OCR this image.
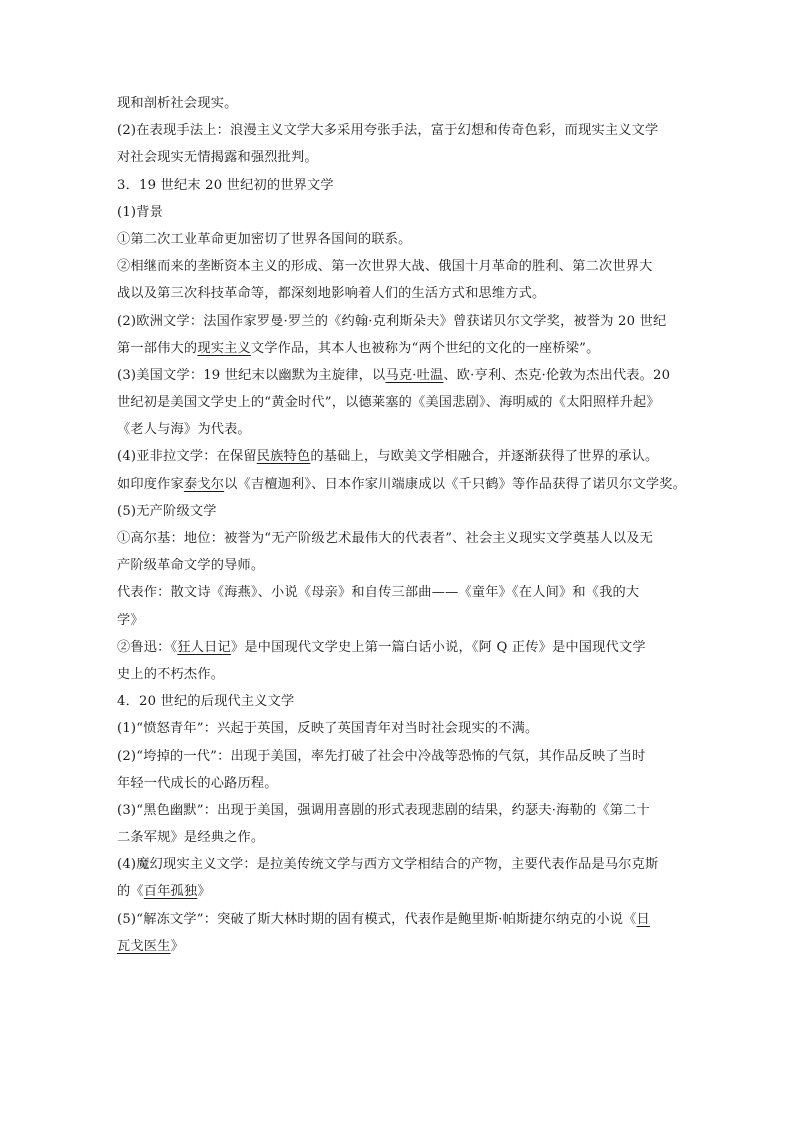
现和剖析社会现实。
(2)在表现手法上：浪漫主义文学大多采用夸张手法，富于幻想和传奇色彩，而现实主义文学
对社会现实无情揭露和强烈批判。
3．19 世纪末 20 世纪初的世界文学
(1)背景
①第二次工业革命更加密切了世界各国间的联系。
②相继而来的垄断资本主义的形成、第一次世界大战、俄国十月革命的胜利、第二次世界大
战以及第三次科技革命等，都深刻地影响着人们的生活方式和思维方式。
(2)欧洲文学：法国作家罗曼·罗兰的《约翰·克利斯朵夫》曾获诺贝尔文学奖，被誉为 20 世纪
第一部伟大的现实主义文学作品，其本人也被称为“两个世纪的文化的一座桥梁”。
(3)美国文学：19 世纪末以幽默为主旋律，以马克·吐温、欧·亨利、杰克·伦敦为杰出代表。20
世纪初是美国文学史上的“黄金时代”，以德莱塞的《美国悲剧》、海明威的《太阳照样升起》
《老人与海》为代表。
(4)亚非拉文学：在保留民族特色的基础上，与欧美文学相融合，并逐渐获得了世界的承认。
如印度作家泰戈尔以《吉檀迦利》、日本作家川端康成以《千只鹤》等作品获得了诺贝尔文学奖。
(5)无产阶级文学
①高尔基：地位：被誉为“无产阶级艺术最伟大的代表者”、社会主义现实文学奠基人以及无
产阶级革命文学的导师。
代表作：散文诗《海燕》、小说《母亲》和自传三部曲——《童年》《在人间》和《我的大
学》
②鲁迅：《狂人日记》是中国现代文学史上第一篇白话小说，《阿 Q 正传》是中国现代文学
史上的不朽杰作。
4．20 世纪的后现代主义文学
(1)“愤怒青年”：兴起于英国，反映了英国青年对当时社会现实的不满。
(2)“垮掉的一代”：出现于美国，率先打破了社会中冷战等恐怖的气氛，其作品反映了当时
年轻一代成长的心路历程。
(3)“黑色幽默”：出现于美国，强调用喜剧的形式表现悲剧的结果，约瑟夫·海勒的《第二十
二条军规》是经典之作。
(4)魔幻现实主义文学：是拉美传统文学与西方文学相结合的产物，主要代表作品是马尔克斯
的《百年孤独》
(5)“解冻文学”：突破了斯大林时期的固有模式，代表作是鲍里斯·帕斯捷尔纳克的小说《日
瓦戈医生》
